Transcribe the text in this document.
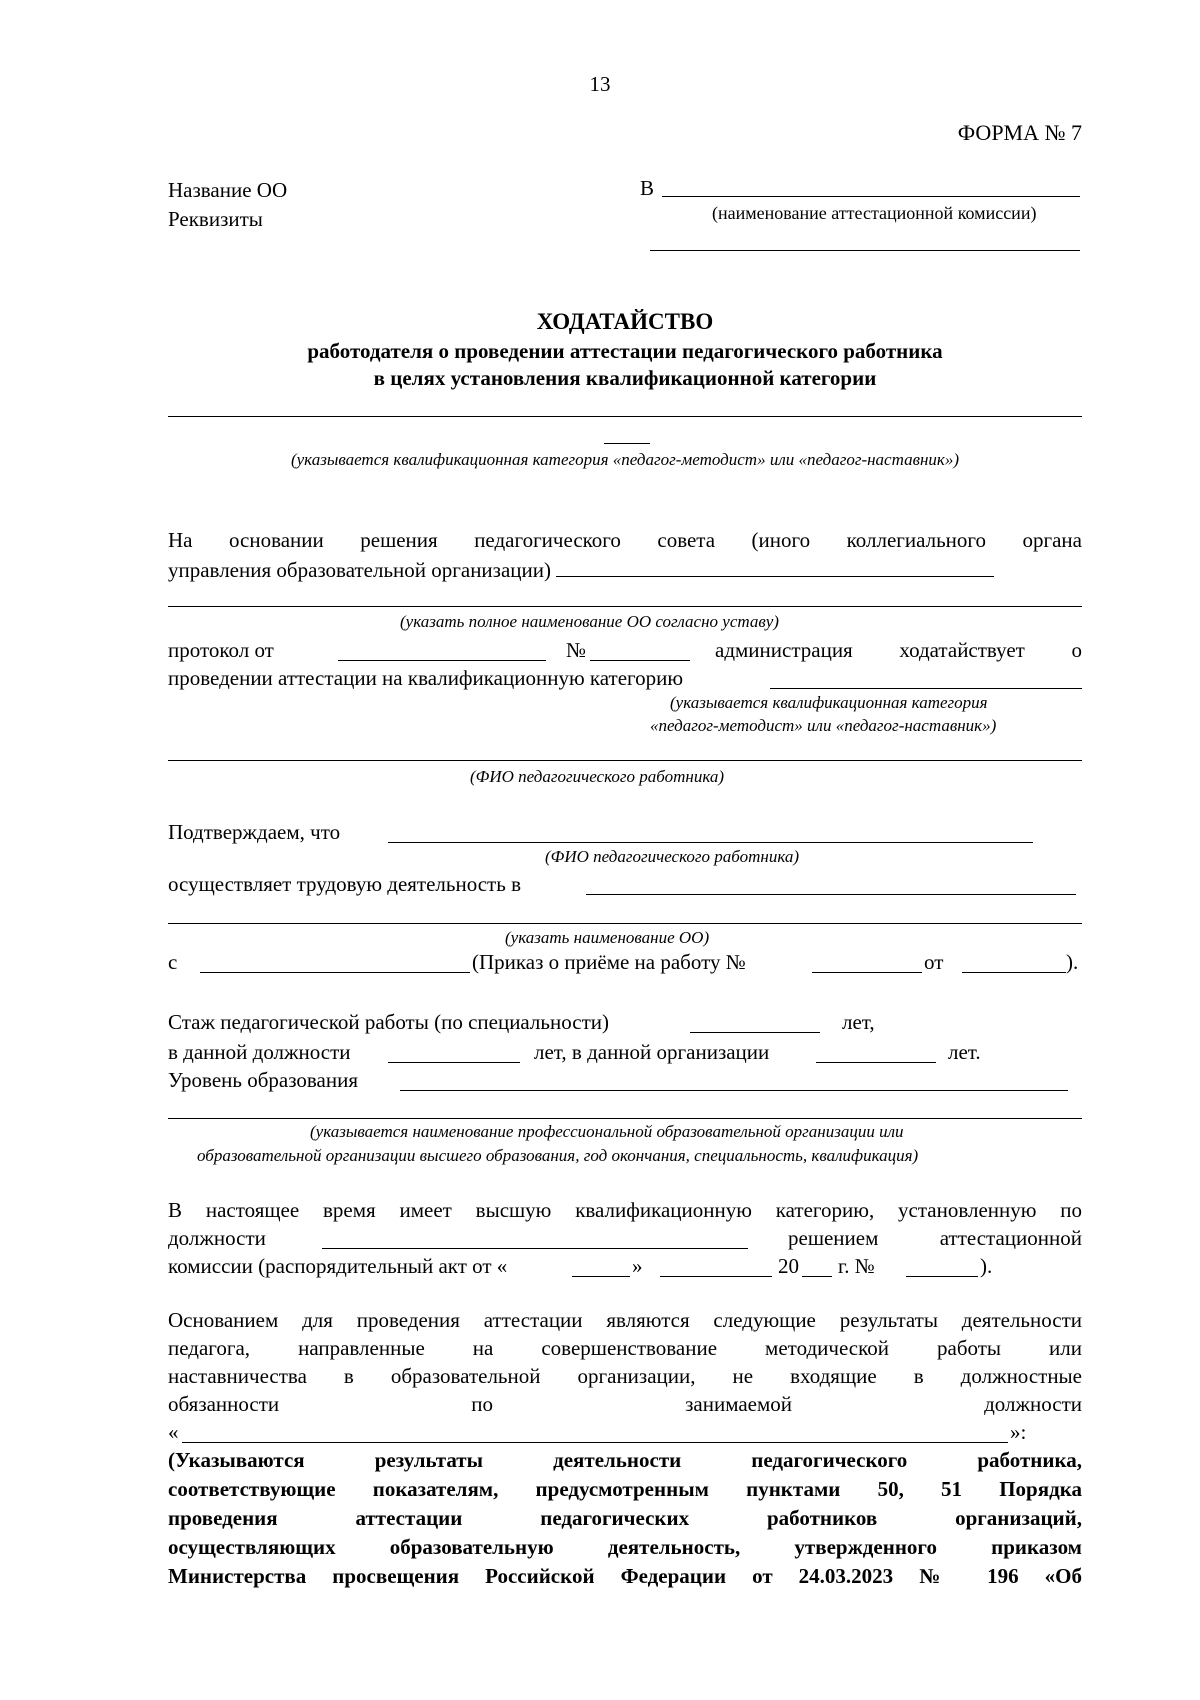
13
ФОРМА № 7
Название ОО
Реквизиты
В
(наименование аттестационной комиссии)
ХОДАТАЙСТВО
работодателя о проведении аттестации педагогического работника
в целях установления квалификационной категории
(указывается квалификационная категория «педагог-методист» или «педагог-наставник»)
На основании решения педагогического совета (иного коллегиального органа
управления образовательной организации)
(указать полное наименование ОО согласно уставу)
протокол от	№	администрация ходатайствует о
проведении аттестации на квалификационную категорию
(указывается квалификационная категория
«педагог-методист» или «педагог-наставник»)
(ФИО педагогического работника)
Подтверждаем, что
(ФИО педагогического работника)
осуществляет трудовую деятельность в
(указать наименование ОО)
с	(Приказ о приёме на работу №	от	).
Стаж педагогической работы (по специальности)	лет,
в данной должности	лет, в данной организации	лет.
Уровень образования
(указывается наименование профессиональной образовательной организации или
образовательной организации высшего образования, год окончания, специальность, квалификация)
В настоящее время имеет высшую квалификационную категорию, установленную по
должности	решением аттестационной
комиссии (распорядительный акт от «	»	20 г. №	).
Основанием для проведения аттестации являются следующие результаты деятельности
педагога, направленные на совершенствование методической работы или
наставничества в образовательной организации, не входящие в должностные
обязанности по занимаемой должности
«	»:
(Указываются результаты деятельности педагогического работника,
соответствующие показателям, предусмотренным пунктами 50, 51 Порядка
проведения аттестации педагогических работников организаций,
осуществляющих образовательную деятельность, утвержденного приказом
Министерства просвещения Российской Федерации от 24.03.2023 № 196 «Об
